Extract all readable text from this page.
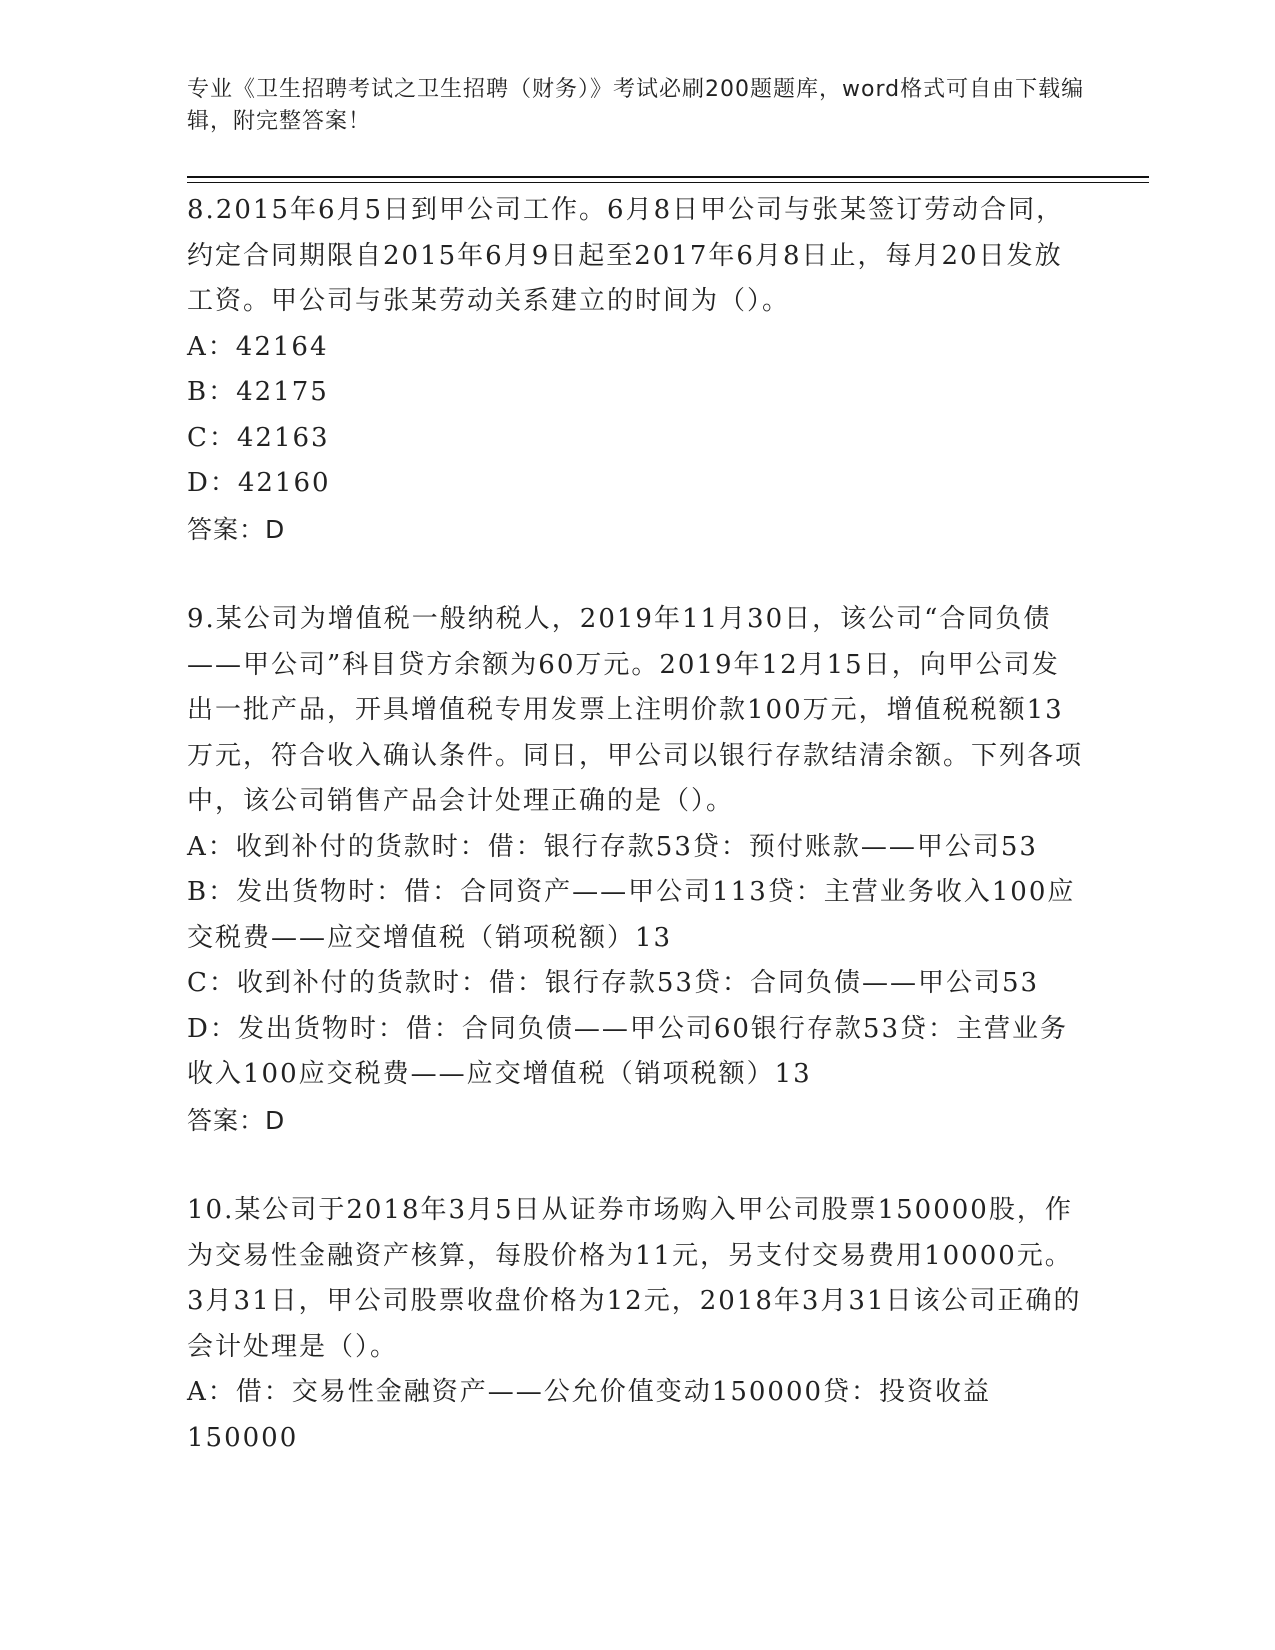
专业《卫生招聘考试之卫生招聘（财务）》考试必刷200题题库，word格式可自由下载编辑，附完整答案！

8.2015年6月5日到甲公司工作。6月8日甲公司与张某签订劳动合同，约定合同期限自2015年6月9日起至2017年6月8日止，每月20日发放工资。甲公司与张某劳动关系建立的时间为（）。

A：42164

B：42175

C：42163

D：42160

答案：D

9.某公司为增值税一般纳税人，2019年11月30日，该公司“合同负债——甲公司”科目贷方余额为60万元。2019年12月15日，向甲公司发出一批产品，开具增值税专用发票上注明价款100万元，增值税税额13万元，符合收入确认条件。同日，甲公司以银行存款结清余额。下列各项中，该公司销售产品会计处理正确的是（）。

A：收到补付的货款时：借：银行存款53贷：预付账款——甲公司53

B：发出货物时：借：合同资产——甲公司113贷：主营业务收入100应交税费——应交增值税（销项税额）13

C：收到补付的货款时：借：银行存款53贷：合同负债——甲公司53

D：发出货物时：借：合同负债——甲公司60银行存款53贷：主营业务收入100应交税费——应交增值税（销项税额）13

答案：D

10.某公司于2018年3月5日从证券市场购入甲公司股票150000股，作为交易性金融资产核算，每股价格为11元，另支付交易费用10000元。3月31日，甲公司股票收盘价格为12元，2018年3月31日该公司正确的会计处理是（）。

A：借：交易性金融资产——公允价值变动150000贷：投资收益150000
